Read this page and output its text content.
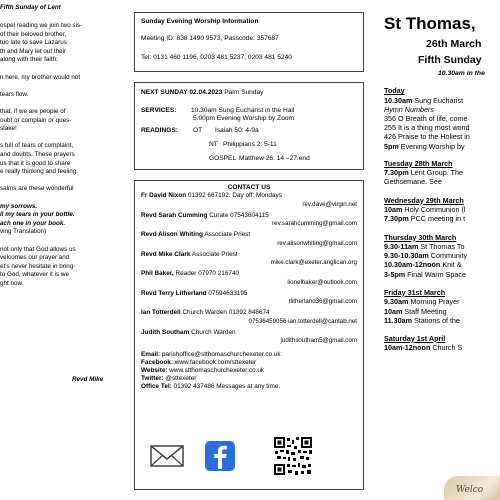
Fifth Sunday of Lent
ospel reading we join two sis-
of their beloved brother,
too late to save Lazarus
th and Mary let out their
along with their faith:
n here, my brother would not
tears flow.
that, if we are people of
oubt or complain or ques-
stake!
s full of tears of complaint,
and doubts. These prayers
us that it is good to share
e really thinking and feeling.
salms are these wonderful
my sorrows.
ll my tears in your bottle.
ach one in your book.
ving Translation)
not only that God allows us
velcomes our prayer and
et's never hesitate in bring-
to God, whatever it is we
ght now.
Revd Mike
Sunday Evening Worship Information
Meeting ID: 838 1490 9573, Passcode: 357687
Tel: 0131 460 1196, 0203 481 5237, 0203 481 5240
NEXT SUNDAY 02.04.2023 Palm Sunday
SERVICES: 10.30am Sung Eucharist in the Hall
5.00pm Evening Worship by Zoom
READINGS: OT Isaiah 50: 4-9a
NT Philippians 2: 5-11
GOSPEL Matthew 26: 14 –27.end
CONTACT US
Fr David Nixon 01392 667192. Day off: Mondays
rev.dave@virgin.net
Revd Sarah Cumming Curate 07543604115
rev.sarahcumming@gmail.com
Revd Alison Whiting Associate Priest
rev.alisonwhiting@gmail.com
Revd Mike Clark Associate Priest
mike.clark@exeter.anglican.org
Phil Baker, Reader 07970 216740
lionelbaker@outlook.com
Revd Terry Litherland 07594633195
tlitherland36@gmail.com
Ian Totterdell Church Warden 01392 848674
07536459056 ian.totterdell@cantab.net
Judith Southam Church Warden
judithsoutham5@gmail.com
Email: parishoffice@stthomaschurchexeter.co.uk
Facebook: www.facebook.com/sttexeter
Website: www.stthomaschurchexeter.co.uk
Twitter: @sttexeter
Office Tel: 01392 437486 Messages at any time.
St Thomas,
26th March
Fifth Sunday
10.30am in the
Today
10.30am Sung Eucharist
Hymn Numbers
356 O Breath of life, come
255 It is a thing most wond
426 Praise to the Holiest in
5pm Evening Worship by
Tuesday 28th March
7.30pm Lent Group. The
Gethsemane. See
Wednesday 29th March
10am Holy Communion (l
7.30pm PCC meeting in t
Thursday 30th March
9.30-11am St Thomas To
9.30-10.30am Community
10.30am-12noon Knit &
3-5pm Final Warm Space
Friday 31st March
9.30am Morning Prayer
10am Staff Meeting
11.30am Stations of the
Saturday 1st April
10am-12noon Church S
Welco
